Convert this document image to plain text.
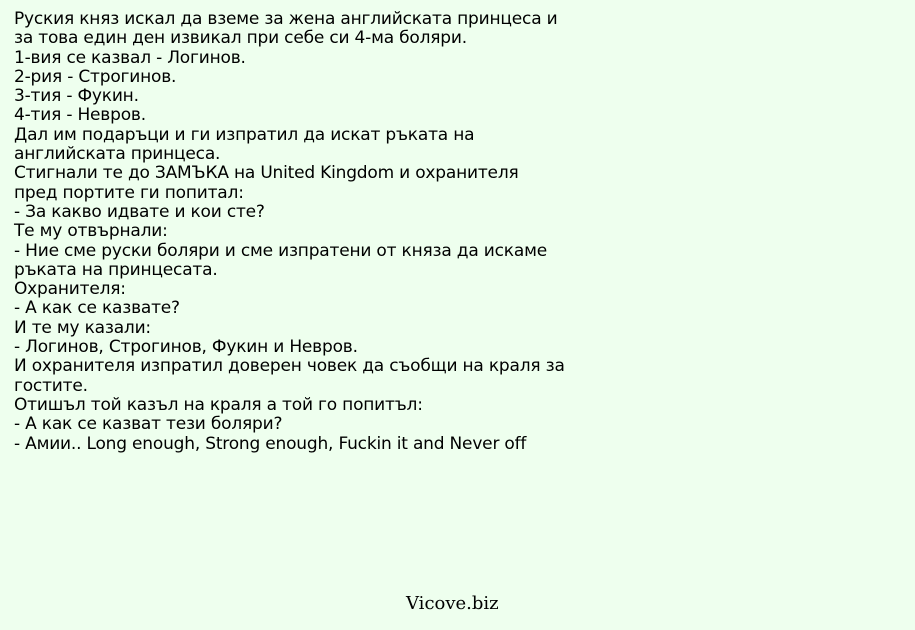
Руския княз искал да вземе за жена английската принцеса и
за това един ден извикал при себе си 4-ма боляри.
1-вия се казвал - Логинов.
2-рия - Строгинов.
3-тия - Фукин.
4-тия - Невров.
Дал им подаръци и ги изпратил да искат ръката на
английската принцеса.
Стигнали те до ЗАМЪКА на United Kingdom и охранителя
пред портите ги попитал:
- За какво идвате и кои сте?
Те му отвърнали:
- Ние сме руски боляри и сме изпратени от княза да искаме
ръката на принцесата.
Охранителя:
- А как се казвате?
И те му казали:
- Логинов, Строгинов, Фукин и Невров.
И охранителя изпратил доверен човек да съобщи на краля за
гостите.
Отишъл той казъл на краля а той го попитъл:
- А как се казват тези боляри?
- Амии.. Long enough, Strong enough, Fuckin it and Never off
Vicove.biz
